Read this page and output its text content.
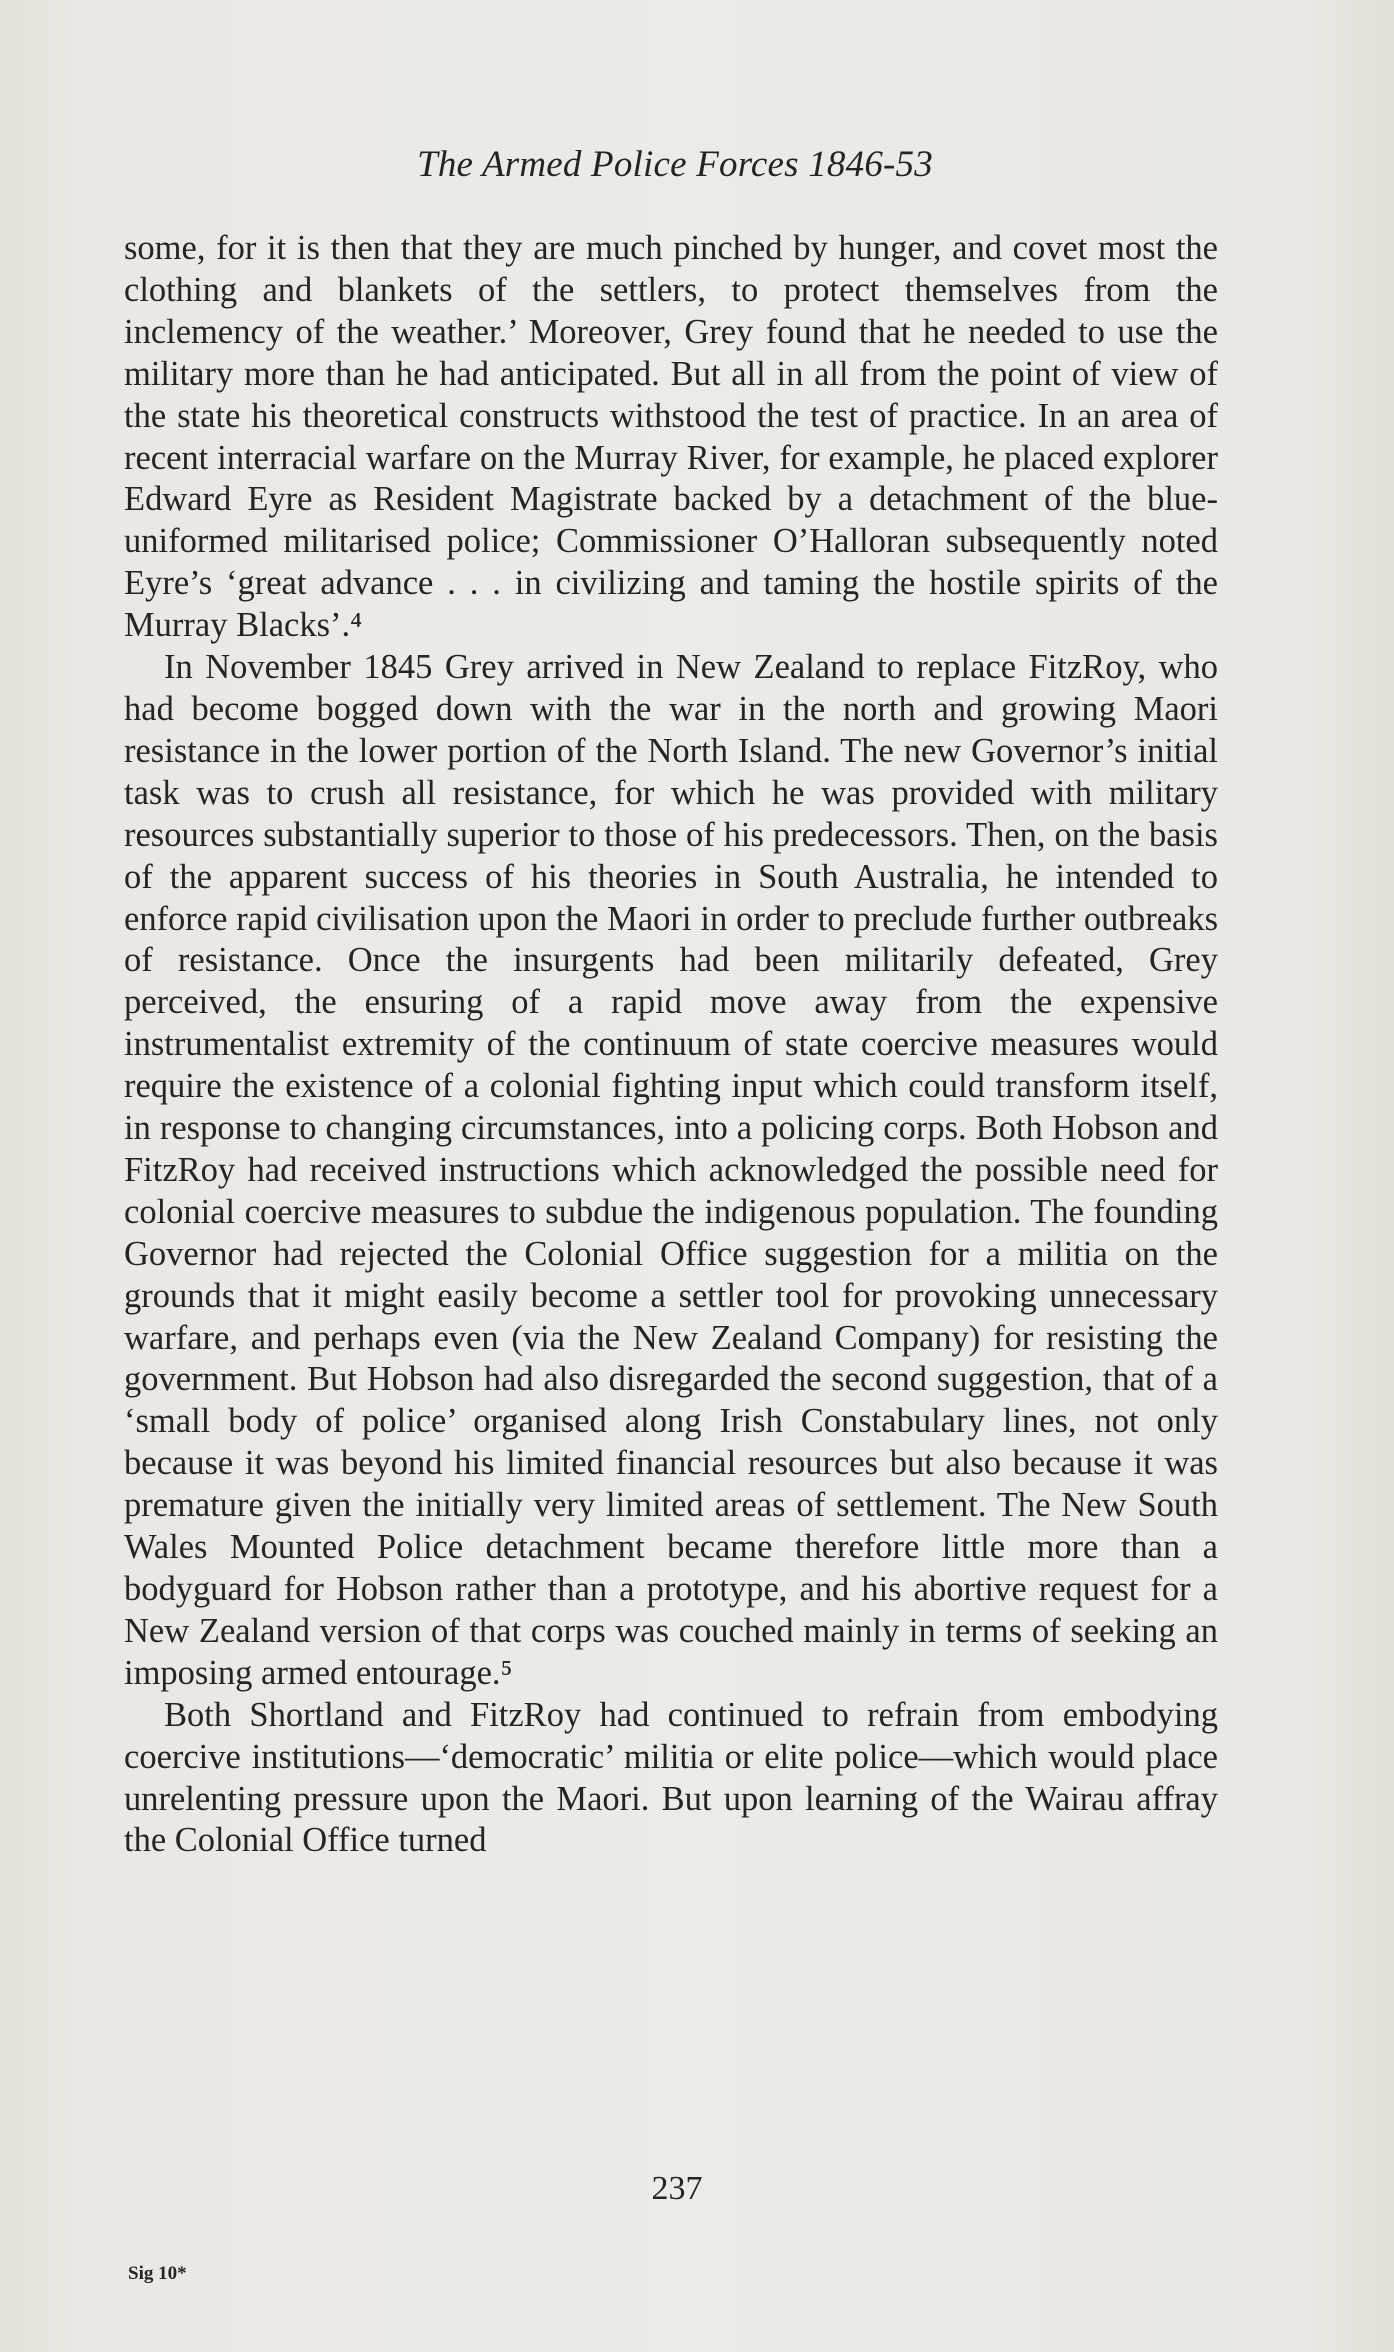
The Armed Police Forces 1846-53

some, for it is then that they are much pinched by hunger, and covet most the clothing and blankets of the settlers, to protect themselves from the inclemency of the weather.’ Moreover, Grey found that he needed to use the military more than he had anticipated. But all in all from the point of view of the state his theoretical constructs withstood the test of practice. In an area of recent interracial warfare on the Murray River, for example, he placed explorer Edward Eyre as Resident Magistrate backed by a detachment of the blue-uniformed militarised police; Commissioner O’Halloran subsequently noted Eyre’s ‘great advance . . . in civilizing and taming the hostile spirits of the Murray Blacks’.⁴

In November 1845 Grey arrived in New Zealand to replace FitzRoy, who had become bogged down with the war in the north and growing Maori resistance in the lower portion of the North Island. The new Governor’s initial task was to crush all resistance, for which he was provided with military resources substantially superior to those of his predecessors. Then, on the basis of the apparent success of his theories in South Australia, he intended to enforce rapid civilisation upon the Maori in order to preclude further outbreaks of resistance. Once the insurgents had been militarily defeated, Grey perceived, the ensuring of a rapid move away from the expensive instrumentalist extremity of the continuum of state coercive measures would require the existence of a colonial fighting input which could transform itself, in response to changing circumstances, into a policing corps. Both Hobson and FitzRoy had received instructions which acknowledged the possible need for colonial coercive measures to subdue the indigenous population. The founding Governor had rejected the Colonial Office suggestion for a militia on the grounds that it might easily become a settler tool for provoking unnecessary warfare, and perhaps even (via the New Zealand Company) for resisting the government. But Hobson had also disregarded the second suggestion, that of a ‘small body of police’ organised along Irish Constabulary lines, not only because it was beyond his limited financial resources but also because it was premature given the initially very limited areas of settlement. The New South Wales Mounted Police detachment became therefore little more than a bodyguard for Hobson rather than a prototype, and his abortive request for a New Zealand version of that corps was couched mainly in terms of seeking an imposing armed entourage.⁵

Both Shortland and FitzRoy had continued to refrain from embodying coercive institutions—‘democratic’ militia or elite police—which would place unrelenting pressure upon the Maori. But upon learning of the Wairau affray the Colonial Office turned

237
Sig 10*
